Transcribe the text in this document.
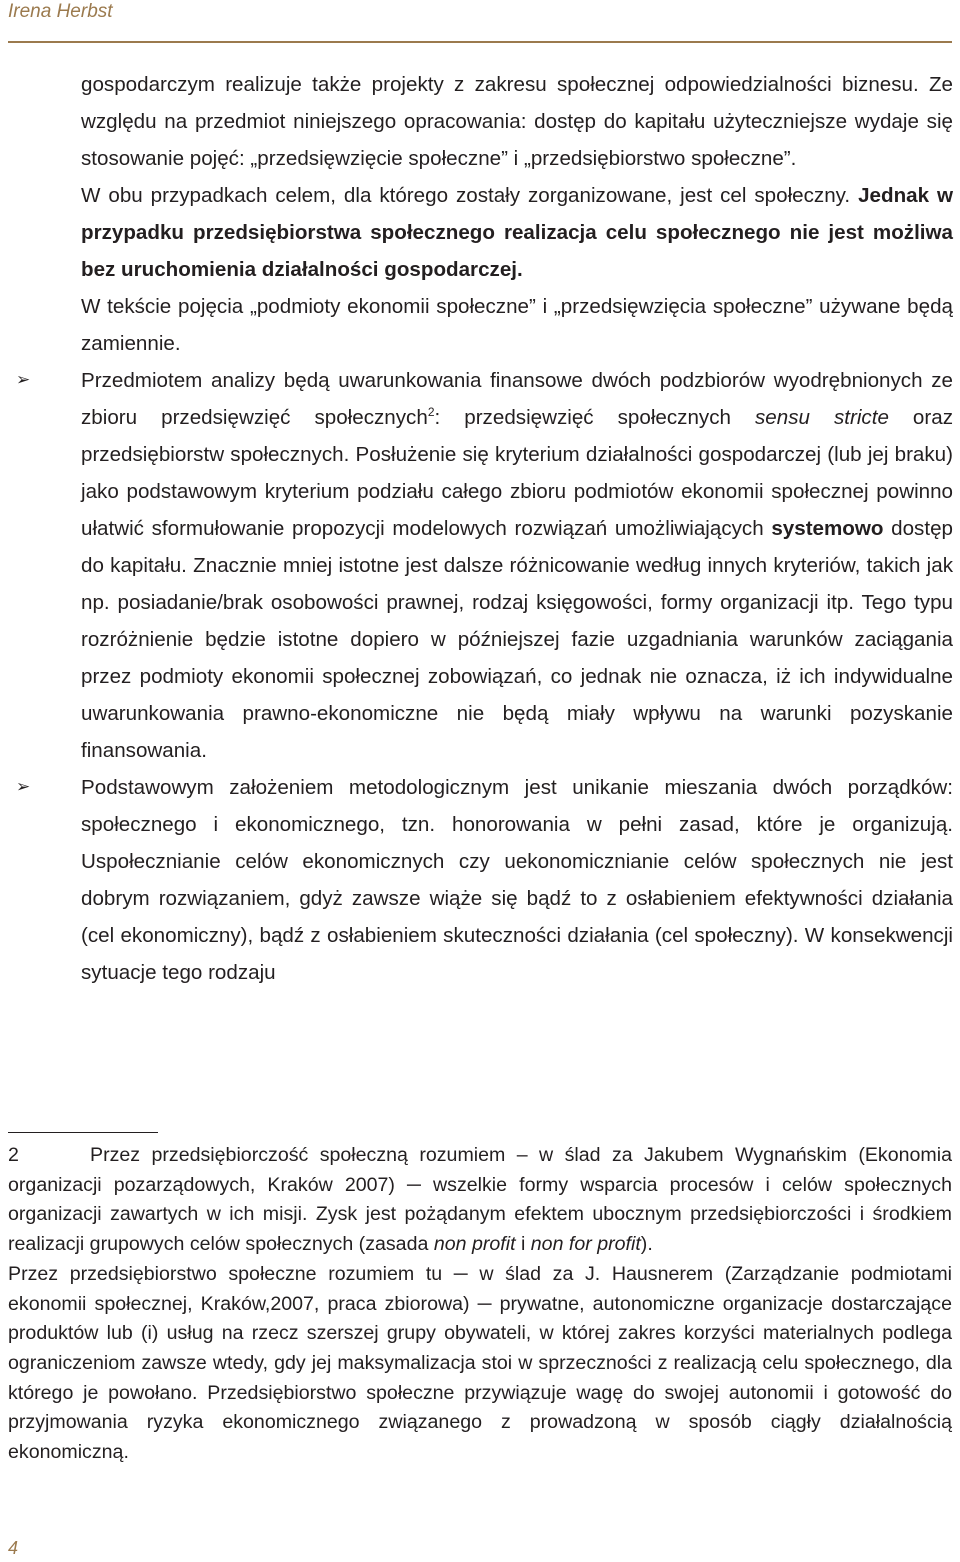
Irena Herbst

gospodarczym realizuje także projekty z zakresu społecznej odpowiedzialności biznesu. Ze względu na przedmiot niniejszego opracowania: dostęp do kapitału użyteczniejsze wydaje się stosowanie pojęć: „przedsięwzięcie społeczne” i „przedsiębiorstwo społeczne”.

W obu przypadkach celem, dla którego zostały zorganizowane, jest cel społeczny. Jednak w przypadku przedsiębiorstwa społecznego realizacja celu społecznego nie jest możliwa bez uruchomienia działalności gospodarczej.

W tekście pojęcia „podmioty ekonomii społeczne” i „przedsięwzięcia społeczne” używane będą zamiennie.

➢ Przedmiotem analizy będą uwarunkowania finansowe dwóch podzbiorów wyodrębnionych ze zbioru przedsięwzięć społecznych$^2$: przedsięwzięć społecznych sensu stricte oraz przedsiębiorstw społecznych. Posłużenie się kryterium działalności gospodarczej (lub jej braku) jako podstawowym kryterium podziału całego zbioru podmiotów ekonomii społecznej powinno ułatwić sformułowanie propozycji modelowych rozwiązań umożliwiających systemowo dostęp do kapitału. Znacznie mniej istotne jest dalsze różnicowanie według innych kryteriów, takich jak np. posiadanie/brak osobowości prawnej, rodzaj księgowości, formy organizacji itp. Tego typu rozróżnienie będzie istotne dopiero w późniejszej fazie uzgadniania warunków zaciągania przez podmioty ekonomii społecznej zobowiązań, co jednak nie oznacza, iż ich indywidualne uwarunkowania prawno-ekonomiczne nie będą miały wpływu na warunki pozyskanie finansowania.

➢ Podstawowym założeniem metodologicznym jest unikanie mieszania dwóch porządków: społecznego i ekonomicznego, tzn. honorowania w pełni zasad, które je organizują. Uspołecznianie celów ekonomicznych czy uekonomicznianie celów społecznych nie jest dobrym rozwiązaniem, gdyż zawsze wiąże się bądź to z osłabieniem efektywności działania (cel ekonomiczny), bądź z osłabieniem skuteczności działania (cel społeczny). W konsekwencji sytuacje tego rodzaju

2	Przez przedsiębiorczość społeczną rozumiem – w ślad za Jakubem Wygnańskim (Ekonomia organizacji pozarządowych, Kraków 2007) ─ wszelkie formy wsparcia procesów i celów społecznych organizacji zawartych w ich misji. Zysk jest pożądanym efektem ubocznym przedsiębiorczości i środkiem realizacji grupowych celów społecznych (zasada non profit i non for profit).

Przez przedsiębiorstwo społeczne rozumiem tu ─ w ślad za J. Hausnerem (Zarządzanie podmiotami ekonomii społecznej, Kraków,2007, praca zbiorowa) ─ prywatne, autonomiczne organizacje dostarczające produktów lub (i) usług na rzecz szerszej grupy obywateli, w której zakres korzyści materialnych podlega ograniczeniom zawsze wtedy, gdy jej maksymalizacja stoi w sprzeczności z realizacją celu społecznego, dla którego je powołano. Przedsiębiorstwo społeczne przywiązuje wagę do swojej autonomii i gotowość do przyjmowania ryzyka ekonomicznego związanego z prowadzoną w sposób ciągły działalnością ekonomiczną.

4
